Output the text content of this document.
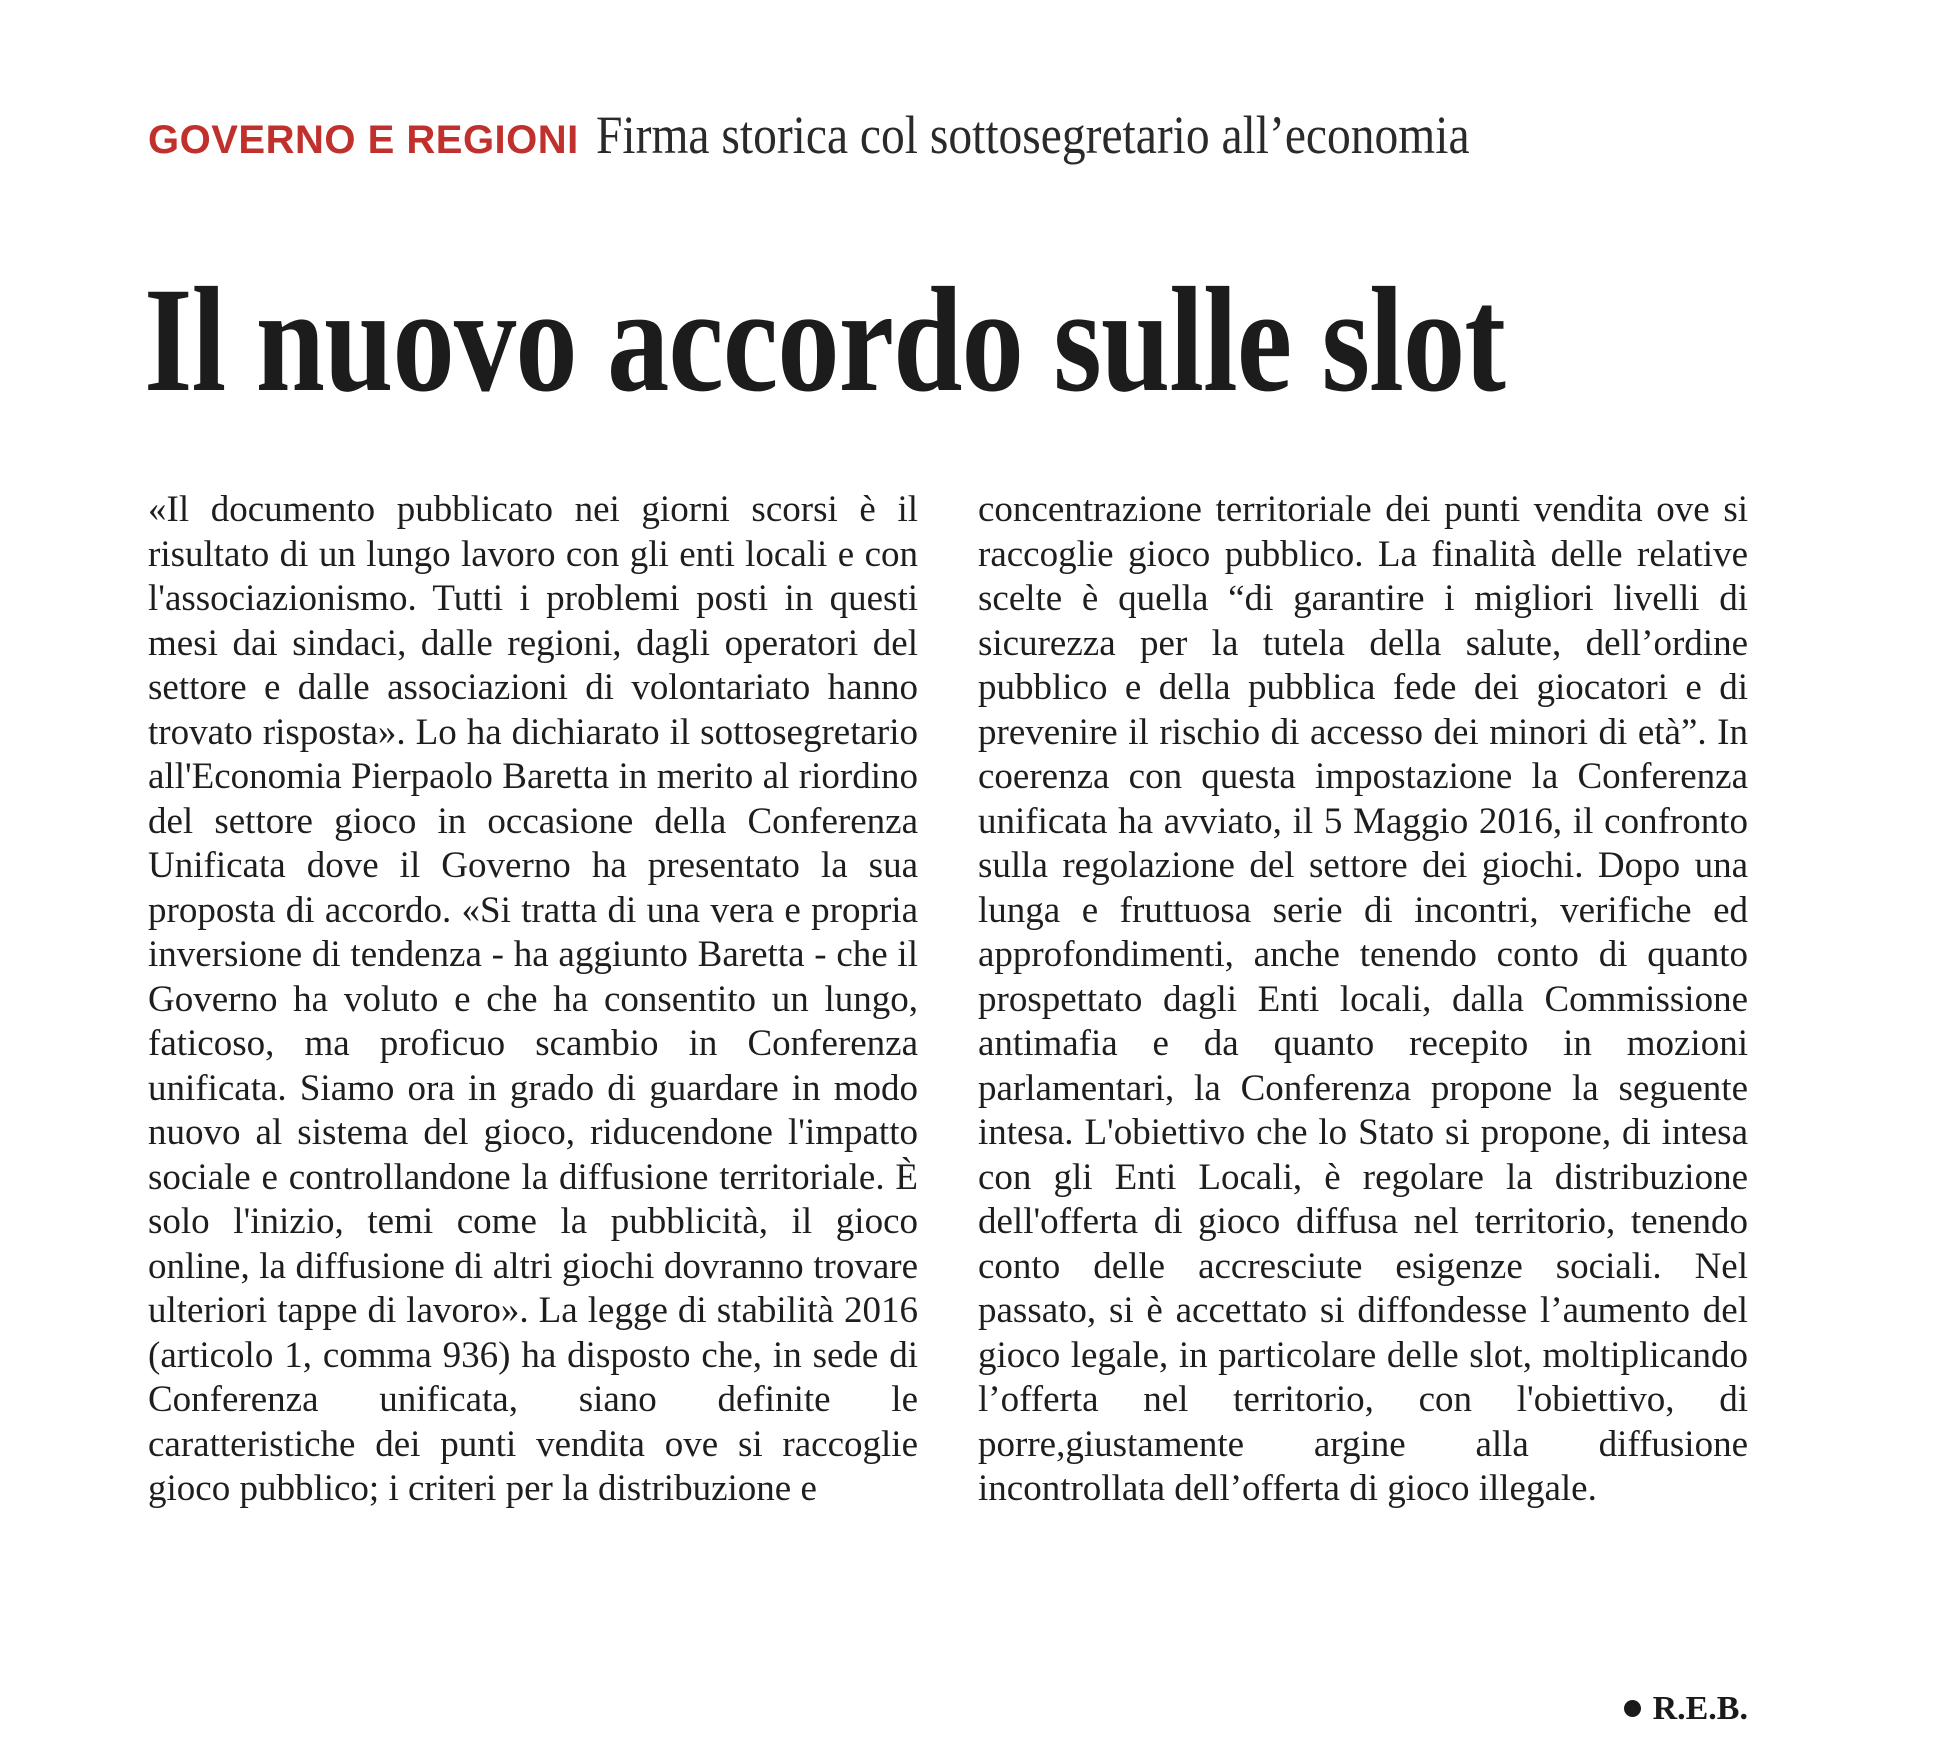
GOVERNO E REGIONI Firma storica col sottosegretario all’economia
Il nuovo accordo sulle slot

«Il documento pubblicato nei giorni scorsi è il risultato di un lungo lavoro con gli enti locali e con l'associazionismo. Tutti i problemi posti in questi mesi dai sindaci, dalle regioni, dagli operatori del settore e dalle associazioni di volontariato hanno trovato risposta». Lo ha dichiarato il sottosegretario all'Economia Pierpaolo Baretta in merito al riordino del settore gioco in occasione della Conferenza Unificata dove il Governo ha presentato la sua proposta di accordo. «Si tratta di una vera e propria inversione di tendenza - ha aggiunto Baretta - che il Governo ha voluto e che ha consentito un lungo, faticoso, ma proficuo scambio in Conferenza unificata. Siamo ora in grado di guardare in modo nuovo al sistema del gioco, riducendone l'impatto sociale e controllandone la diffusione territoriale. È solo l'inizio, temi come la pubblicità, il gioco online, la diffusione di altri giochi dovranno trovare ulteriori tappe di lavoro». La legge di stabilità 2016 (articolo 1, comma 936) ha disposto che, in sede di Conferenza unificata, siano definite le caratteristiche dei punti vendita ove si raccoglie gioco pubblico; i criteri per la distribuzione e

concentrazione territoriale dei punti vendita ove si raccoglie gioco pubblico. La finalità delle relative scelte è quella “di garantire i migliori livelli di sicurezza per la tutela della salute, dell’ordine pubblico e della pubblica fede dei giocatori e di prevenire il rischio di accesso dei minori di età”. In coerenza con questa impostazione la Conferenza unificata ha avviato, il 5 Maggio 2016, il confronto sulla regolazione del settore dei giochi. Dopo una lunga e fruttuosa serie di incontri, verifiche ed approfondimenti, anche tenendo conto di quanto prospettato dagli Enti locali, dalla Commissione antimafia e da quanto recepito in mozioni parlamentari, la Conferenza propone la seguente intesa. L'obiettivo che lo Stato si propone, di intesa con gli Enti Locali, è regolare la distribuzione dell'offerta di gioco diffusa nel territorio, tenendo conto delle accresciute esigenze sociali. Nel passato, si è accettato si diffondesse l’aumento del gioco legale, in particolare delle slot, moltiplicando l’offerta nel territorio, con l'obiettivo, di porre,giustamente argine alla diffusione incontrollata dell’offerta di gioco illegale.

R.E.B.
